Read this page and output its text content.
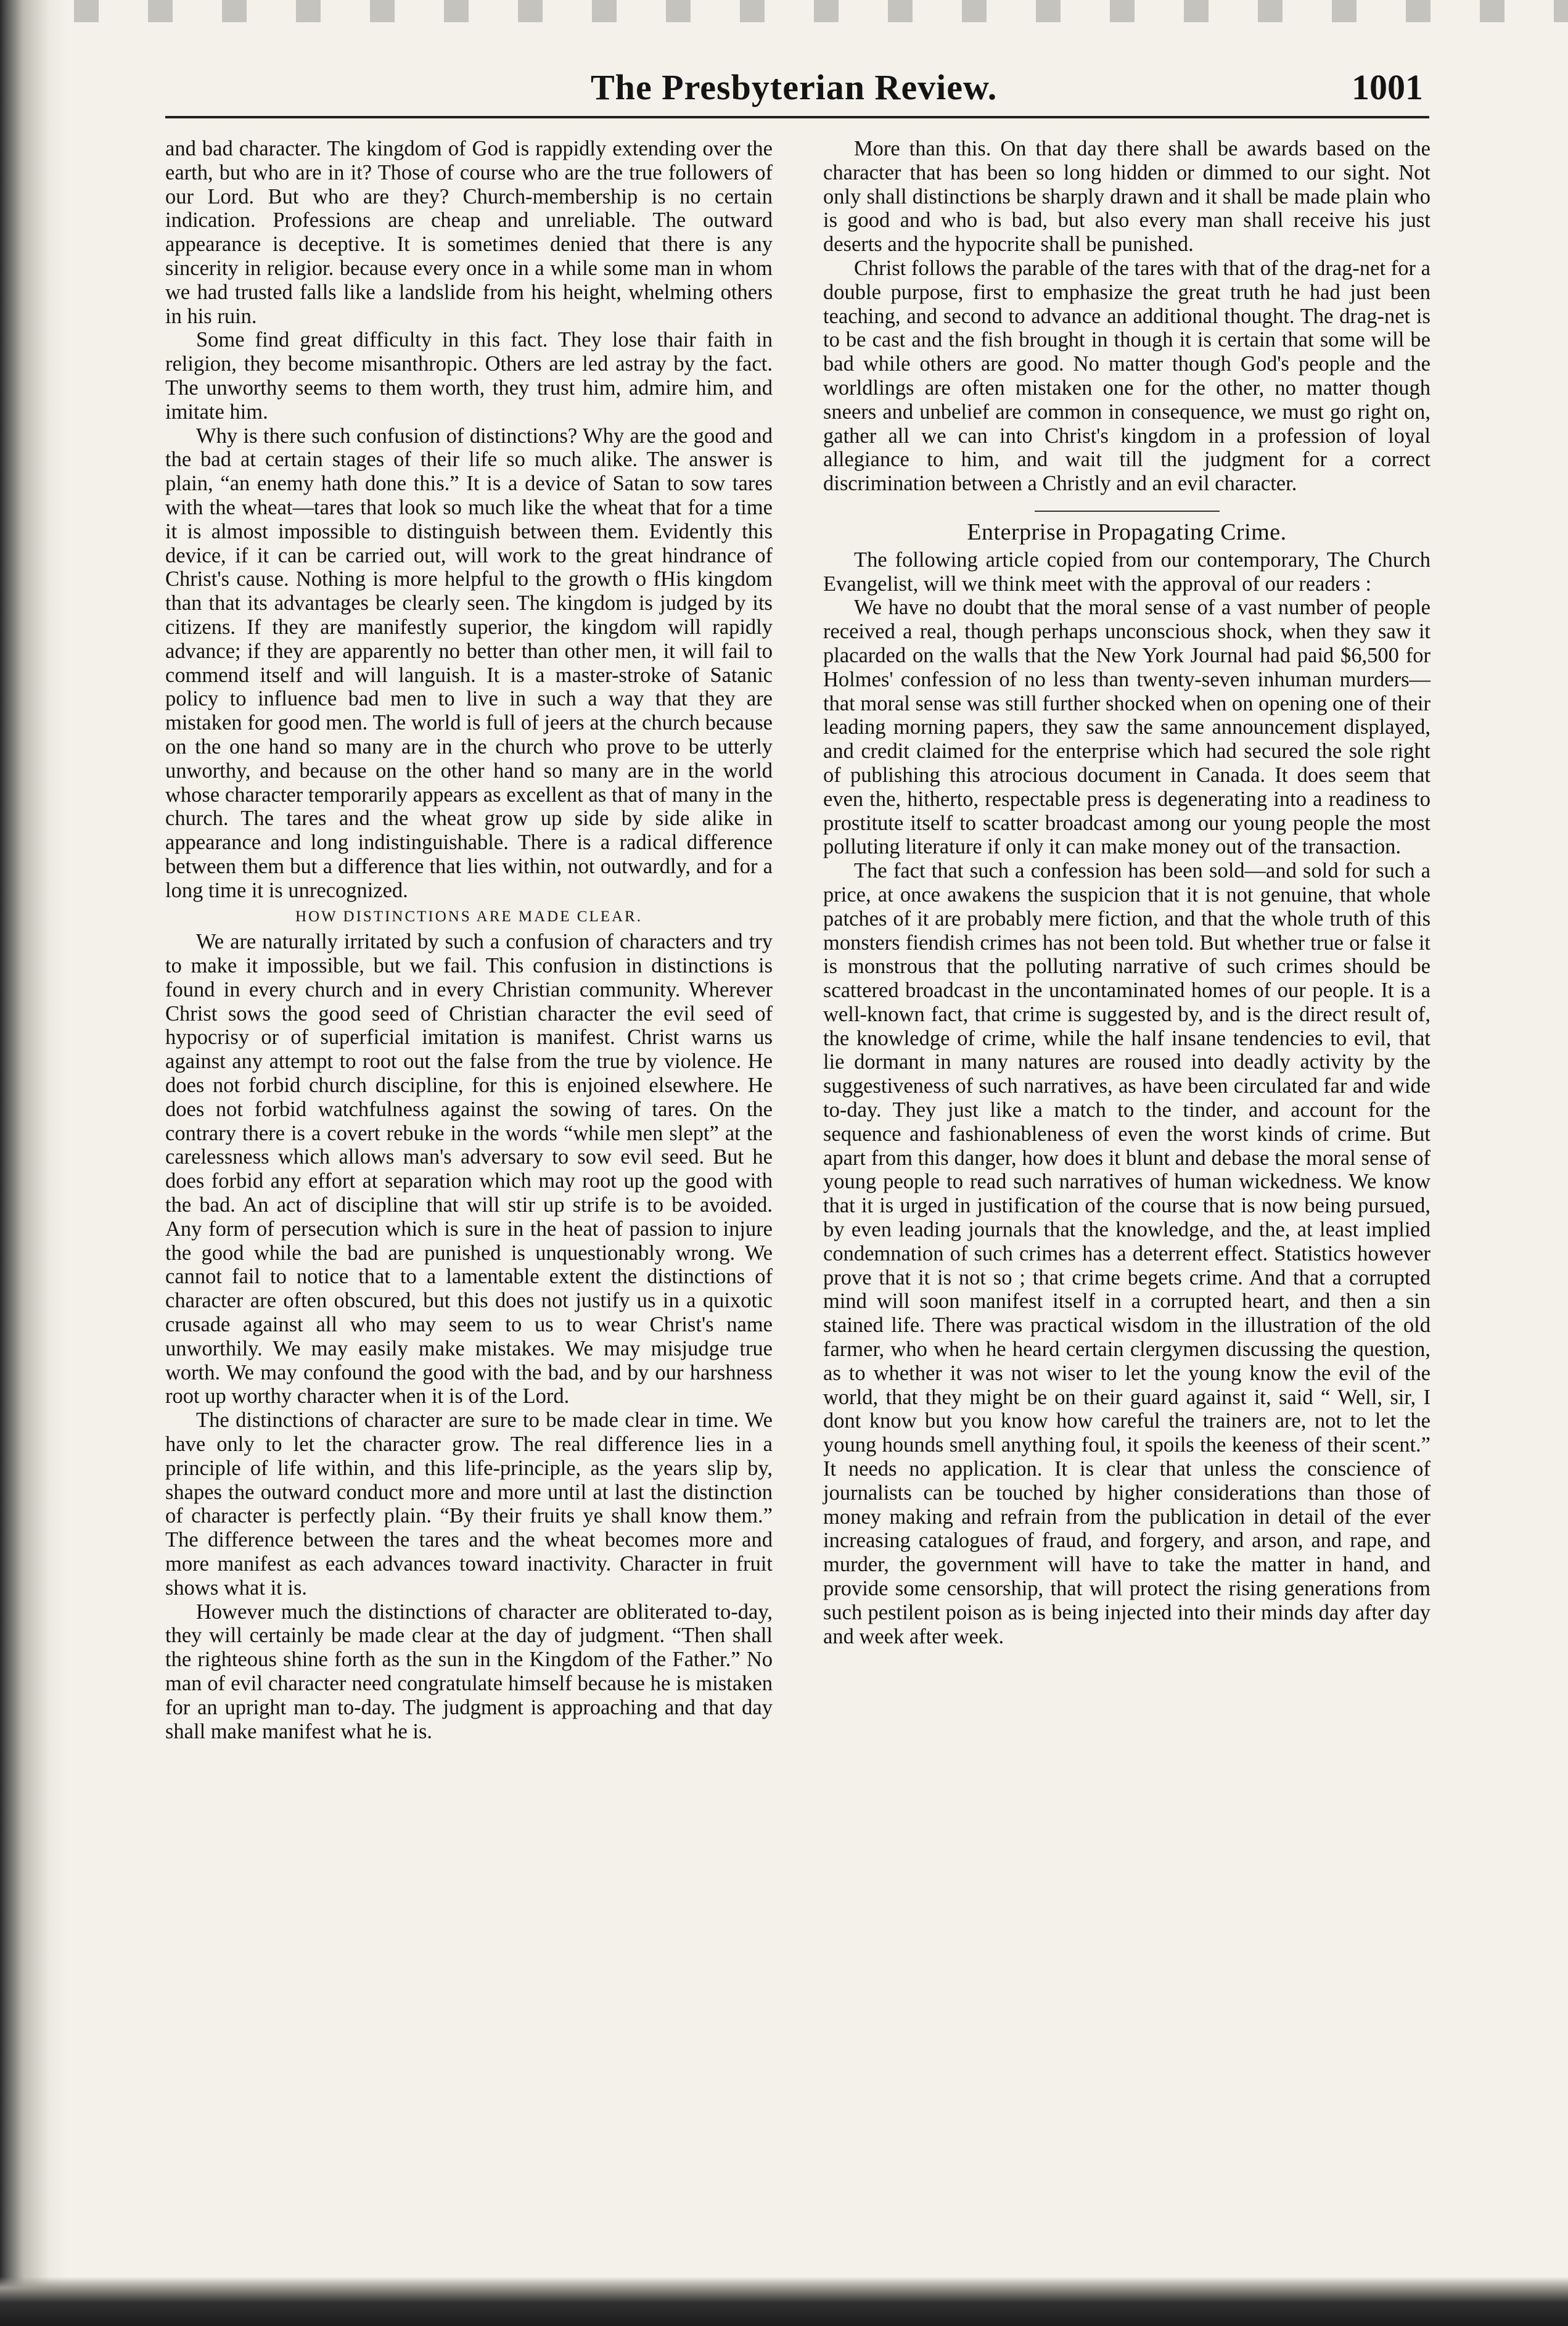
The Presbyterian Review.	1001

and bad character. The kingdom of God is rappidly extending over the earth, but who are in it? Those of course who are the true followers of our Lord. But who are they? Church-membership is no certain indication. Professions are cheap and unreliable. The outward appearance is deceptive. It is sometimes denied that there is any sincerity in religior. because every once in a while some man in whom we had trusted falls like a landslide from his height, whelming others in his ruin.

Some find great difficulty in this fact. They lose thair faith in religion, they become misanthropic. Others are led astray by the fact. The unworthy seems to them worth, they trust him, admire him, and imitate him.

Why is there such confusion of distinctions? Why are the good and the bad at certain stages of their life so much alike. The answer is plain, “an enemy hath done this.” It is a device of Satan to sow tares with the wheat—tares that look so much like the wheat that for a time it is almost impossible to distinguish between them. Evidently this device, if it can be carried out, will work to the great hindrance of Christ's cause. Nothing is more helpful to the growth o fHis kingdom than that its advantages be clearly seen. The kingdom is judged by its citizens. If they are manifestly superior, the kingdom will rapidly advance; if they are apparently no better than other men, it will fail to commend itself and will languish. It is a master-stroke of Satanic policy to influence bad men to live in such a way that they are mistaken for good men. The world is full of jeers at the church because on the one hand so many are in the church who prove to be utterly unworthy, and because on the other hand so many are in the world whose character temporarily appears as excellent as that of many in the church. The tares and the wheat grow up side by side alike in appearance and long indistinguishable. There is a radical difference between them but a difference that lies within, not outwardly, and for a long time it is unrecognized.

HOW DISTINCTIONS ARE MADE CLEAR.

We are naturally irritated by such a confusion of characters and try to make it impossible, but we fail. This confusion in distinctions is found in every church and in every Christian community. Wherever Christ sows the good seed of Christian character the evil seed of hypocrisy or of superficial imitation is manifest. Christ warns us against any attempt to root out the false from the true by violence. He does not forbid church discipline, for this is enjoined elsewhere. He does not forbid watchfulness against the sowing of tares. On the contrary there is a covert rebuke in the words “while men slept” at the carelessness which allows man's adversary to sow evil seed. But he does forbid any effort at separation which may root up the good with the bad. An act of discipline that will stir up strife is to be avoided. Any form of persecution which is sure in the heat of passion to injure the good while the bad are punished is unquestionably wrong. We cannot fail to notice that to a lamentable extent the distinctions of character are often obscured, but this does not justify us in a quixotic crusade against all who may seem to us to wear Christ's name unworthily. We may easily make mistakes. We may misjudge true worth. We may confound the good with the bad, and by our harshness root up worthy character when it is of the Lord.

The distinctions of character are sure to be made clear in time. We have only to let the character grow. The real difference lies in a principle of life within, and this life-principle, as the years slip by, shapes the outward conduct more and more until at last the distinction of character is perfectly plain. “By their fruits ye shall know them.” The difference between the tares and the wheat becomes more and more manifest as each advances toward inactivity. Character in fruit shows what it is.

However much the distinctions of character are obliterated to-day, they will certainly be made clear at the day of judgment. “Then shall the righteous shine forth as the sun in the Kingdom of the Father.” No man of evil character need congratulate himself because he is mistaken for an upright man to-day. The judgment is approaching and that day shall make manifest what he is.

More than this. On that day there shall be awards based on the character that has been so long hidden or dimmed to our sight. Not only shall distinctions be sharply drawn and it shall be made plain who is good and who is bad, but also every man shall receive his just deserts and the hypocrite shall be punished.

Christ follows the parable of the tares with that of the drag-net for a double purpose, first to emphasize the great truth he had just been teaching, and second to advance an additional thought. The drag-net is to be cast and the fish brought in though it is certain that some will be bad while others are good. No matter though God's people and the worldlings are often mistaken one for the other, no matter though sneers and unbelief are common in consequence, we must go right on, gather all we can into Christ's kingdom in a profession of loyal allegiance to him, and wait till the judgment for a correct discrimination between a Christly and an evil character.

Enterprise in Propagating Crime.

The following article copied from our contemporary, The Church Evangelist, will we think meet with the approval of our readers :

We have no doubt that the moral sense of a vast number of people received a real, though perhaps unconscious shock, when they saw it placarded on the walls that the New York Journal had paid $6,500 for Holmes' confession of no less than twenty-seven inhuman murders—that moral sense was still further shocked when on opening one of their leading morning papers, they saw the same announcement displayed, and credit claimed for the enterprise which had secured the sole right of publishing this atrocious document in Canada. It does seem that even the, hitherto, respectable press is degenerating into a readiness to prostitute itself to scatter broadcast among our young people the most polluting literature if only it can make money out of the transaction.

The fact that such a confession has been sold—and sold for such a price, at once awakens the suspicion that it is not genuine, that whole patches of it are probably mere fiction, and that the whole truth of this monsters fiendish crimes has not been told. But whether true or false it is monstrous that the polluting narrative of such crimes should be scattered broadcast in the uncontaminated homes of our people. It is a well-known fact, that crime is suggested by, and is the direct result of, the knowledge of crime, while the half insane tendencies to evil, that lie dormant in many natures are roused into deadly activity by the suggestiveness of such narratives, as have been circulated far and wide to-day. They just like a match to the tinder, and account for the sequence and fashionableness of even the worst kinds of crime. But apart from this danger, how does it blunt and debase the moral sense of young people to read such narratives of human wickedness. We know that it is urged in justification of the course that is now being pursued, by even leading journals that the knowledge, and the, at least implied condemnation of such crimes has a deterrent effect. Statistics however prove that it is not so ; that crime begets crime. And that a corrupted mind will soon manifest itself in a corrupted heart, and then a sin stained life. There was practical wisdom in the illustration of the old farmer, who when he heard certain clergymen discussing the question, as to whether it was not wiser to let the young know the evil of the world, that they might be on their guard against it, said “ Well, sir, I dont know but you know how careful the trainers are, not to let the young hounds smell anything foul, it spoils the keeness of their scent.” It needs no application. It is clear that unless the conscience of journalists can be touched by higher considerations than those of money making and refrain from the publication in detail of the ever increasing catalogues of fraud, and forgery, and arson, and rape, and murder, the government will have to take the matter in hand, and provide some censorship, that will protect the rising generations from such pestilent poison as is being injected into their minds day after day and week after week.
